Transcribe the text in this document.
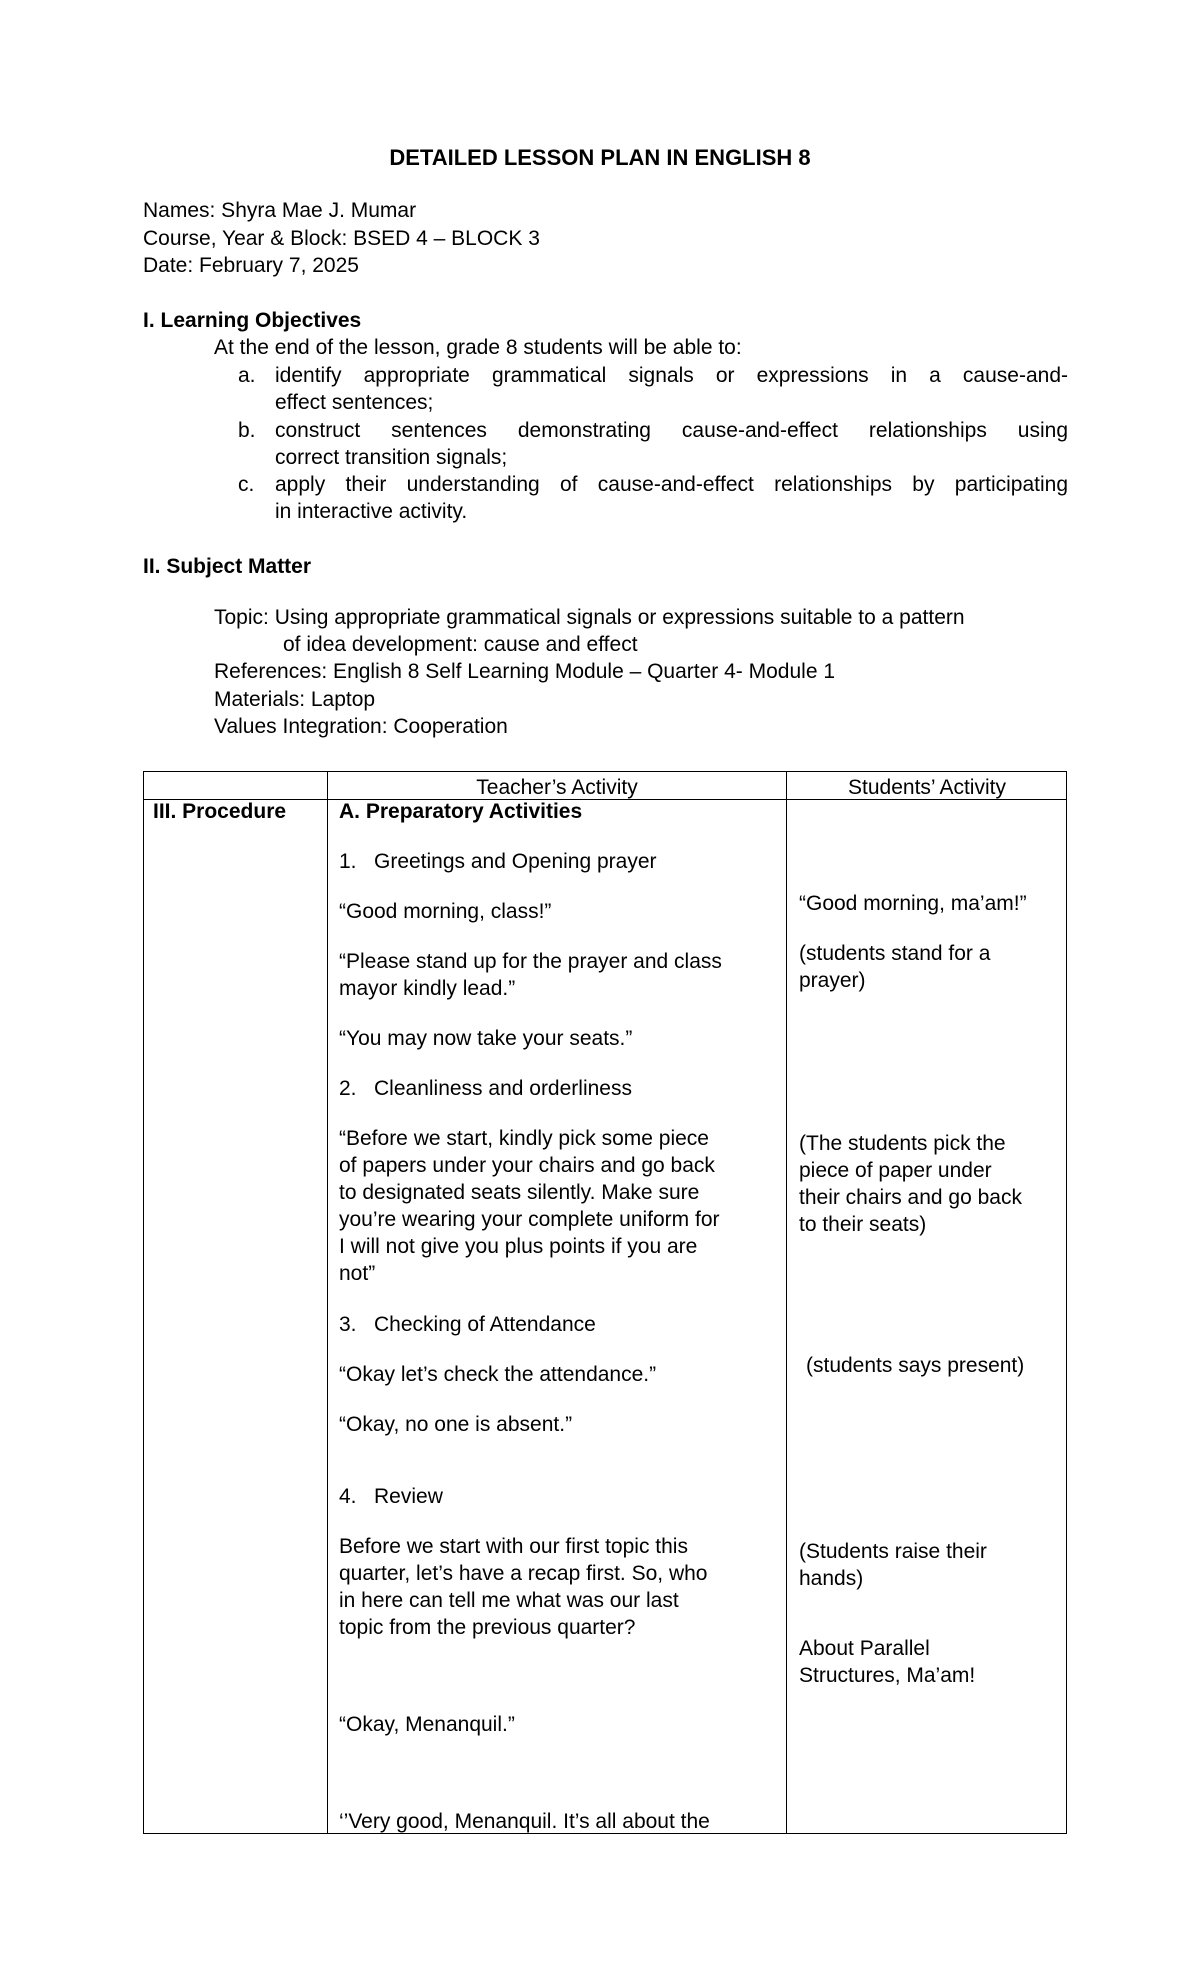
DETAILED LESSON PLAN IN ENGLISH 8
Names: Shyra Mae J. Mumar
Course, Year & Block: BSED 4 – BLOCK 3
Date: February 7, 2025
I. Learning Objectives
At the end of the lesson, grade 8 students will be able to:
a. identify appropriate grammatical signals or expressions in a cause-and-
effect sentences;
b. construct sentences demonstrating cause-and-effect relationships using
correct transition signals;
c. apply their understanding of cause-and-effect relationships by participating
in interactive activity.
II. Subject Matter
Topic: Using appropriate grammatical signals or expressions suitable to a pattern
of idea development: cause and effect
References: English 8 Self Learning Module – Quarter 4- Module 1
Materials: Laptop
Values Integration: Cooperation
Teacher’s Activity	Students’ Activity
III. Procedure	A. Preparatory Activities
1. Greetings and Opening prayer
“Good morning, class!”
“Please stand up for the prayer and class
mayor kindly lead.”
“You may now take your seats.”
2. Cleanliness and orderliness
“Before we start, kindly pick some piece
of papers under your chairs and go back
to designated seats silently. Make sure
you’re wearing your complete uniform for
I will not give you plus points if you are
not”
3. Checking of Attendance
“Okay let’s check the attendance.”
“Okay, no one is absent.”
4. Review
Before we start with our first topic this
quarter, let’s have a recap first. So, who
in here can tell me what was our last
topic from the previous quarter?
“Okay, Menanquil.”
‘’Very good, Menanquil. It’s all about the
“Good morning, ma’am!”
(students stand for a
prayer)
(The students pick the
piece of paper under
their chairs and go back
to their seats)
(students says present)
(Students raise their
hands)
About Parallel
Structures, Ma’am!
